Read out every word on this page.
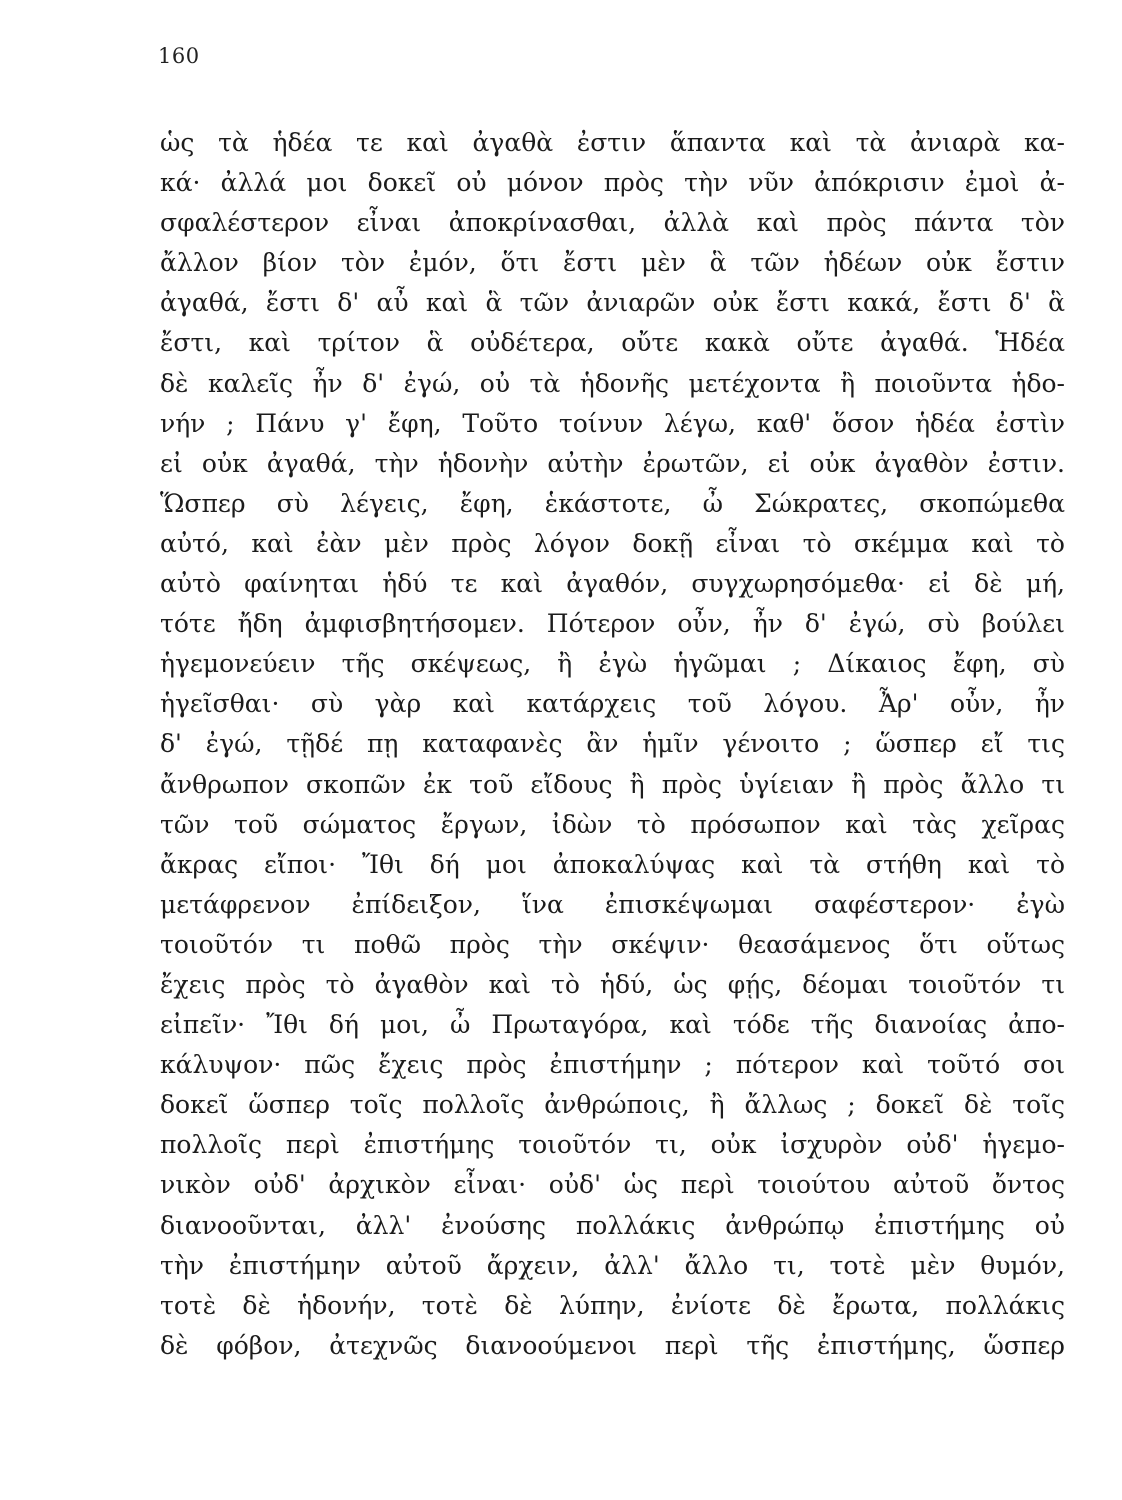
160
ὡς τὰ ἡδέα τε καὶ ἀγαθὰ ἐστιν ἅπαντα καὶ τὰ ἀνιαρὰ κα-
κά· ἀλλά μοι δοκεῖ οὐ μόνον πρὸς τὴν νῦν ἀπόκρισιν ἐμοὶ ἀ-
σφαλέστερον εἶναι ἀποκρίνασθαι, ἀλλὰ καὶ πρὸς πάντα τὸν
ἄλλον βίον τὸν ἐμόν, ὅτι ἔστι μὲν ἃ τῶν ἡδέων οὐκ ἔστιν
ἀγαθά, ἔστι δ' αὖ καὶ ἃ τῶν ἀνιαρῶν οὐκ ἔστι κακά, ἔστι δ' ἃ
ἔστι, καὶ τρίτον ἃ οὐδέτερα, οὔτε κακὰ οὔτε ἀγαθά. Ἡδέα
δὲ καλεῖς ἦν δ' ἐγώ, οὐ τὰ ἡδονῆς μετέχοντα ἢ ποιοῦντα ἡδο-
νήν ; Πάνυ γ' ἔφη, Τοῦτο τοίνυν λέγω, καθ' ὅσον ἡδέα ἐστὶν
εἰ οὐκ ἀγαθά, τὴν ἡδονὴν αὐτὴν ἐρωτῶν, εἰ οὐκ ἀγαθὸν ἐστιν.
Ὥσπερ σὺ λέγεις, ἔφη, ἑκάστοτε, ὦ Σώκρατες, σκοπώμεθα
αὐτό, καὶ ἐὰν μὲν πρὸς λόγον δοκῇ εἶναι τὸ σκέμμα καὶ τὸ
αὐτὸ φαίνηται ἡδύ τε καὶ ἀγαθόν, συγχωρησόμεθα· εἰ δὲ μή,
τότε ἤδη ἀμφισβητήσομεν. Πότερον οὖν, ἦν δ' ἐγώ, σὺ βούλει
ἡγεμονεύειν τῆς σκέψεως, ἢ ἐγὼ ἡγῶμαι ; Δίκαιος ἔφη, σὺ
ἡγεῖσθαι· σὺ γὰρ καὶ κατάρχεις τοῦ λόγου. Ἆρ' οὖν, ἦν
δ' ἐγώ, τῇδέ πῃ καταφανὲς ἂν ἡμῖν γένοιτο ; ὥσπερ εἴ τις
ἄνθρωπον σκοπῶν ἐκ τοῦ εἴδους ἢ πρὸς ὑγίειαν ἢ πρὸς ἄλλο τι
τῶν τοῦ σώματος ἔργων, ἰδὼν τὸ πρόσωπον καὶ τὰς χεῖρας
ἄκρας εἴποι· Ἴθι δή μοι ἀποκαλύψας καὶ τὰ στήθη καὶ τὸ
μετάφρενον ἐπίδειξον, ἵνα ἐπισκέψωμαι σαφέστερον· ἐγὼ
τοιοῦτόν τι ποθῶ πρὸς τὴν σκέψιν· θεασάμενος ὅτι οὕτως
ἔχεις πρὸς τὸ ἀγαθὸν καὶ τὸ ἡδύ, ὡς φῄς, δέομαι τοιοῦτόν τι
εἰπεῖν· Ἴθι δή μοι, ὦ Πρωταγόρα, καὶ τόδε τῆς διανοίας ἀπο-
κάλυψον· πῶς ἔχεις πρὸς ἐπιστήμην ; πότερον καὶ τοῦτό σοι
δοκεῖ ὥσπερ τοῖς πολλοῖς ἀνθρώποις, ἢ ἄλλως ; δοκεῖ δὲ τοῖς
πολλοῖς περὶ ἐπιστήμης τοιοῦτόν τι, οὐκ ἰσχυρὸν οὐδ' ἡγεμο-
νικὸν οὐδ' ἀρχικὸν εἶναι· οὐδ' ὡς περὶ τοιούτου αὐτοῦ ὄντος
διανοοῦνται, ἀλλ' ἐνούσης πολλάκις ἀνθρώπῳ ἐπιστήμης οὐ
τὴν ἐπιστήμην αὐτοῦ ἄρχειν, ἀλλ' ἄλλο τι, τοτὲ μὲν θυμόν,
τοτὲ δὲ ἡδονήν, τοτὲ δὲ λύπην, ἐνίοτε δὲ ἔρωτα, πολλάκις
δὲ φόβον, ἀτεχνῶς διανοούμενοι περὶ τῆς ἐπιστήμης, ὥσπερ
